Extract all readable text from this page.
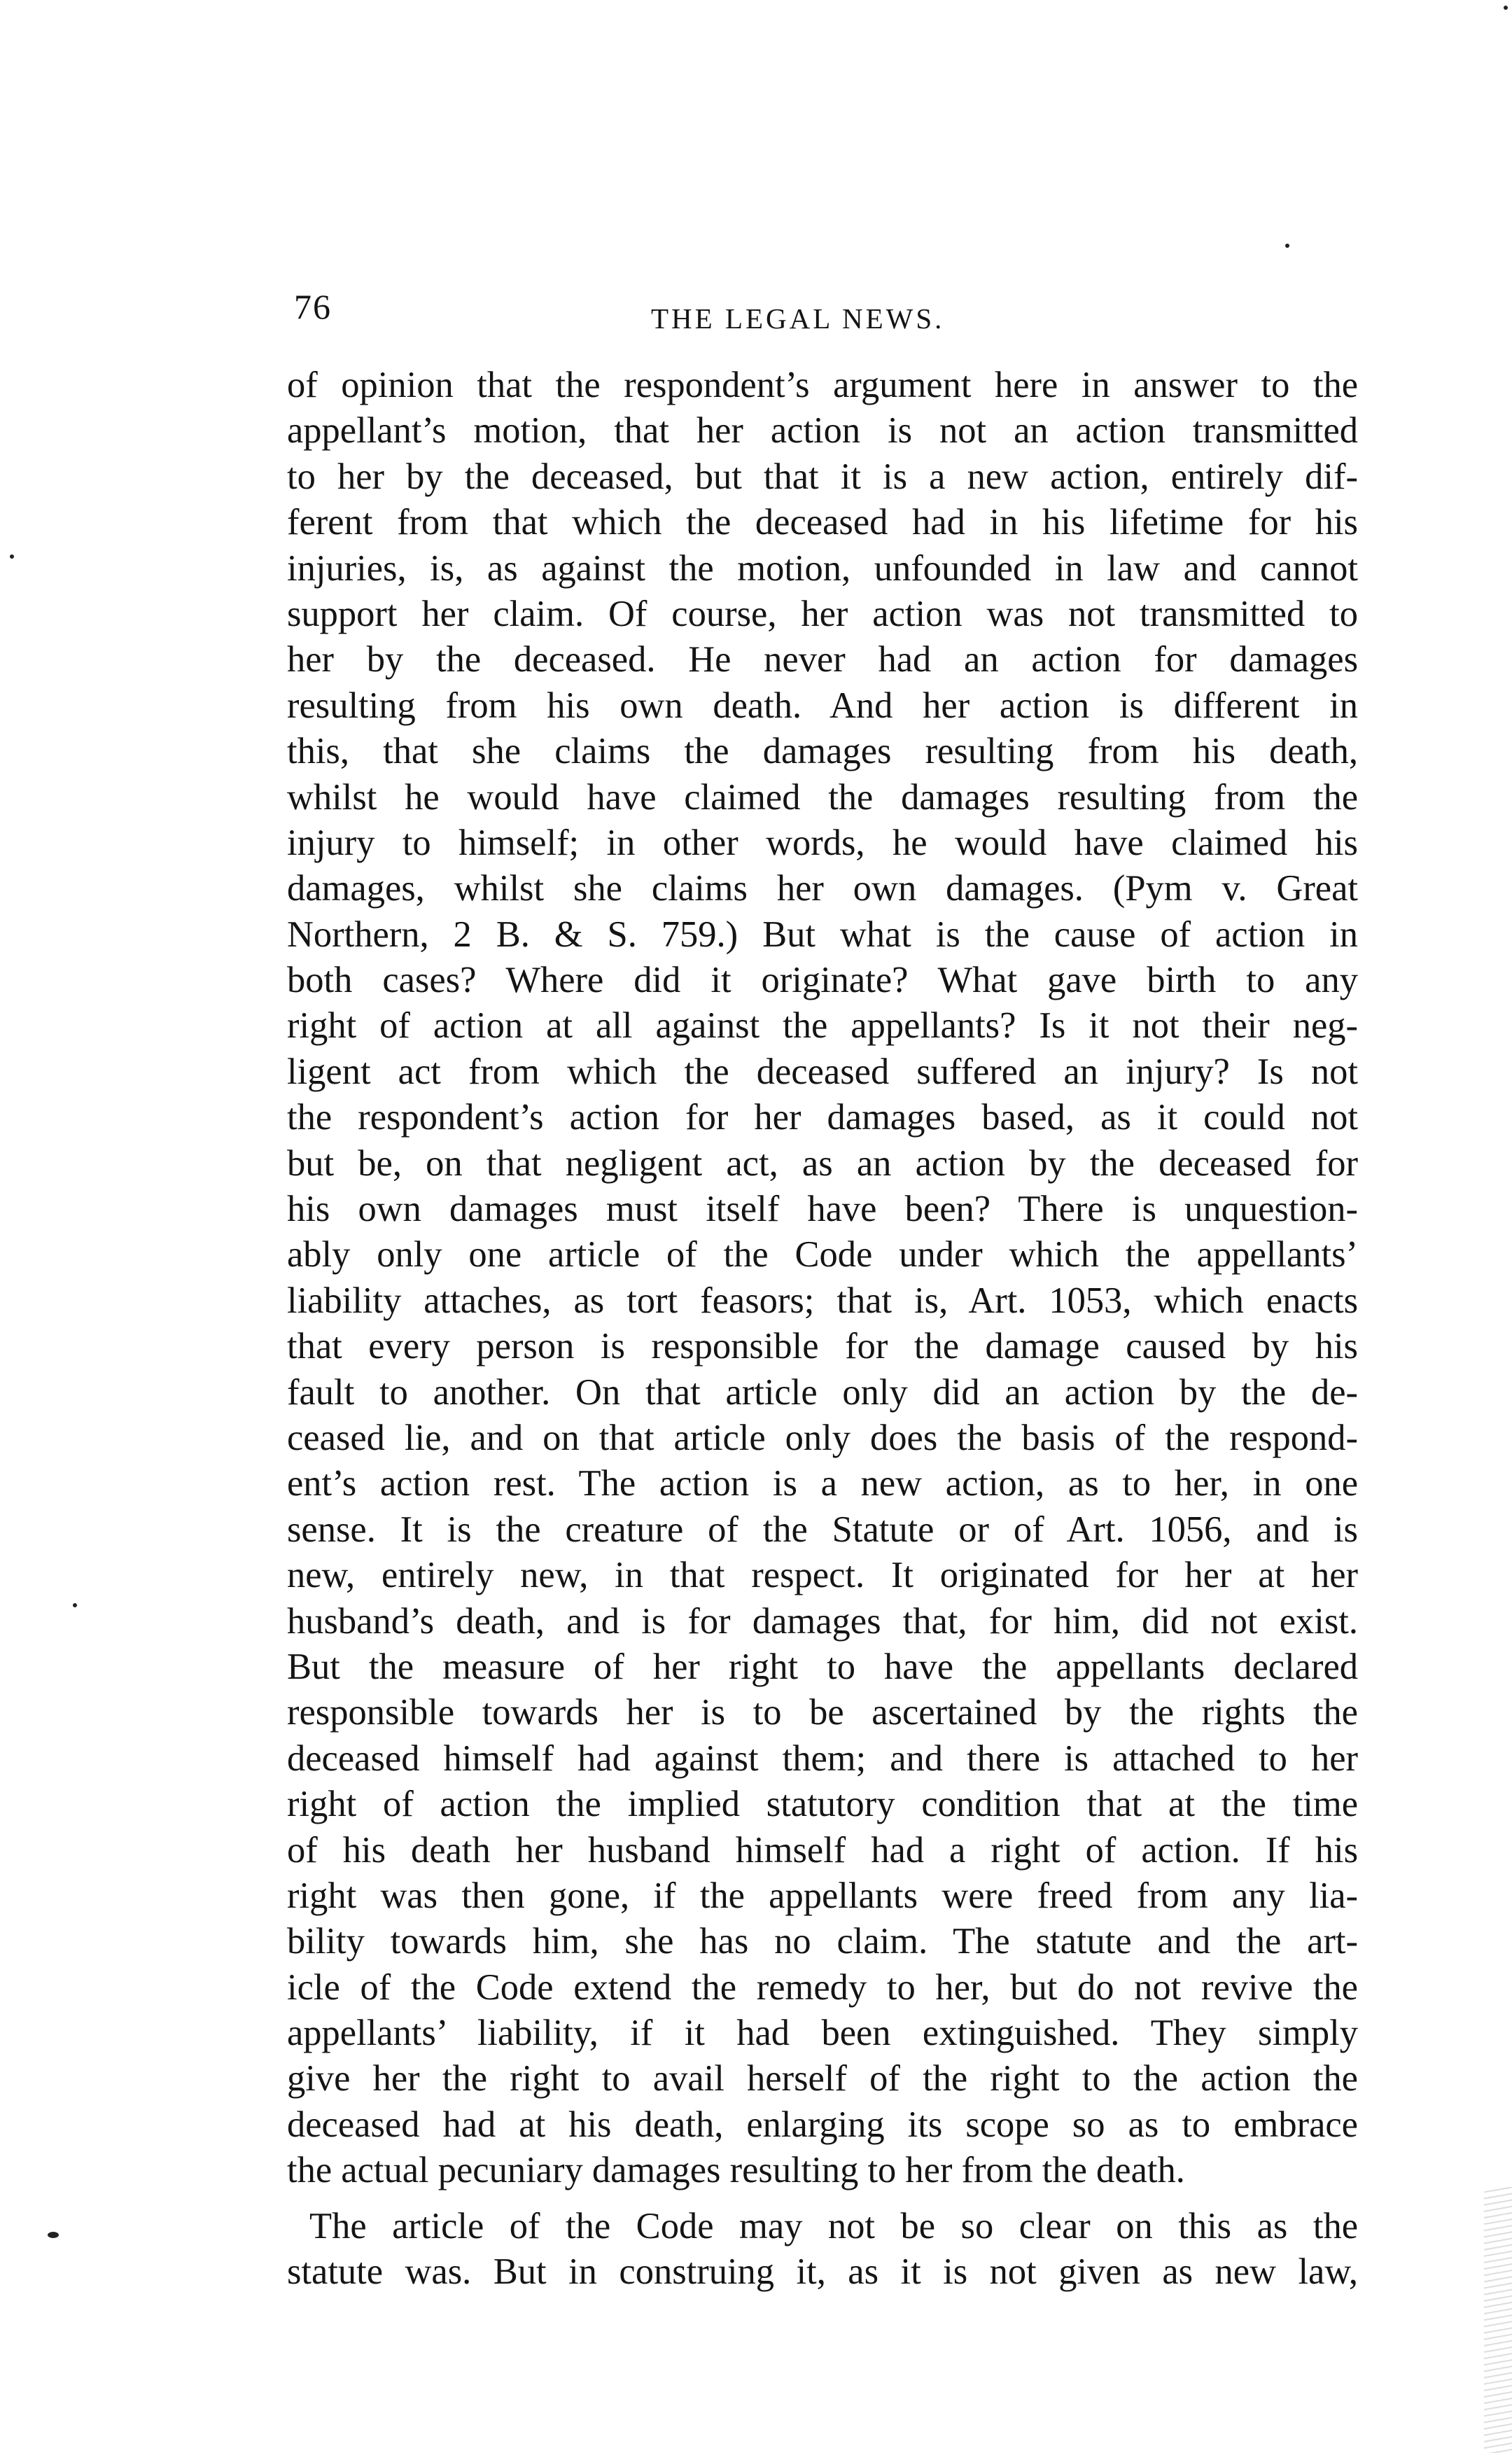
76	THE LEGAL NEWS.
of opinion that the respondent’s argument here in answer to the
appellant’s motion, that her action is not an action transmitted
to her by the deceased, but that it is a new action, entirely dif-
ferent from that which the deceased had in his lifetime for his
injuries, is, as against the motion, unfounded in law and cannot
support her claim. Of course, her action was not transmitted to
her by the deceased. He never had an action for damages
resulting from his own death. And her action is different in
this, that she claims the damages resulting from his death,
whilst he would have claimed the damages resulting from the
injury to himself; in other words, he would have claimed his
damages, whilst she claims her own damages. (Pym v. Great
Northern, 2 B. & S. 759.) But what is the cause of action in
both cases? Where did it originate? What gave birth to any
right of action at all against the appellants? Is it not their neg-
ligent act from which the deceased suffered an injury? Is not
the respondent’s action for her damages based, as it could not
but be, on that negligent act, as an action by the deceased for
his own damages must itself have been? There is unquestion-
ably only one article of the Code under which the appellants’
liability attaches, as tort feasors; that is, Art. 1053, which enacts
that every person is responsible for the damage caused by his
fault to another. On that article only did an action by the de-
ceased lie, and on that article only does the basis of the respond-
ent’s action rest. The action is a new action, as to her, in one
sense. It is the creature of the Statute or of Art. 1056, and is
new, entirely new, in that respect. It originated for her at her
husband’s death, and is for damages that, for him, did not exist.
But the measure of her right to have the appellants declared
responsible towards her is to be ascertained by the rights the
deceased himself had against them; and there is attached to her
right of action the implied statutory condition that at the time
of his death her husband himself had a right of action. If his
right was then gone, if the appellants were freed from any lia-
bility towards him, she has no claim. The statute and the art-
icle of the Code extend the remedy to her, but do not revive the
appellants’ liability, if it had been extinguished. They simply
give her the right to avail herself of the right to the action the
deceased had at his death, enlarging its scope so as to embrace
the actual pecuniary damages resulting to her from the death.
The article of the Code may not be so clear on this as the
statute was. But in construing it, as it is not given as new law,
